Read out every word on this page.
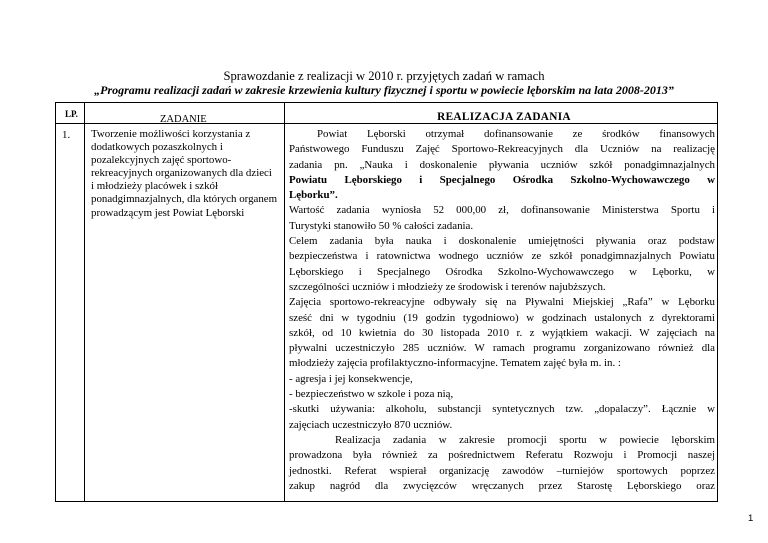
Sprawozdanie z realizacji w 2010 r. przyjętych zadań w ramach
„Programu realizacji zadań w zakresie krzewienia kultury fizycznej i sportu w powiecie lęborskim na lata 2008-2013”
LP.	ZADANIE	REALIZACJA ZADANIA
1. Tworzenie możliwości korzystania z
dodatkowych pozaszkolnych i
pozalekcyjnych zajęć sportowo-
rekreacyjnych organizowanych dla dzieci
i młodzieży placówek i szkół
ponadgimnazjalnych, dla których organem
prowadzącym jest Powiat Lęborski

Powiat Lęborski otrzymał dofinansowanie ze środków finansowych

Państwowego Funduszu Zajęć Sportowo-Rekreacyjnych dla Uczniów na realizację

zadania pn. „Nauka i doskonalenie pływania uczniów szkół ponadgimnazjalnych

Powiatu Lęborskiego i Specjalnego Ośrodka Szkolno-Wychowawczego w

Lęborku”.

Wartość zadania wyniosła 52 000,00 zł, dofinansowanie Ministerstwa Sportu i

Turystyki stanowiło 50 % całości zadania.

Celem zadania była nauka i doskonalenie umiejętności pływania oraz podstaw

bezpieczeństwa i ratownictwa wodnego uczniów ze szkół ponadgimnazjalnych Powiatu

Lęborskiego i Specjalnego Ośrodka Szkolno-Wychowawczego w Lęborku, w

szczególności uczniów i młodzieży ze środowisk i terenów najubższych.

Zajęcia sportowo-rekreacyjne odbywały się na Pływalni Miejskiej „Rafa” w Lęborku

sześć dni w tygodniu (19 godzin tygodniowo) w godzinach ustalonych z dyrektorami

szkół, od 10 kwietnia do 30 listopada 2010 r. z wyjątkiem wakacji. W zajęciach na

pływalni uczestniczyło 285 uczniów. W ramach programu zorganizowano również dla

młodzieży zajęcia profilaktyczno-informacyjne. Tematem zajęć była m. in. :

- agresja i jej konsekwencje,

- bezpieczeństwo w szkole i poza nią,

-skutki używania: alkoholu, substancji syntetycznych tzw. „dopalaczy”. Łącznie w

zajęciach uczestniczyło 870 uczniów.

Realizacja zadania w zakresie promocji sportu w powiecie lęborskim

prowadzona była również za pośrednictwem Referatu Rozwoju i Promocji naszej

jednostki. Referat wspierał organizację zawodów –turniejów sportowych poprzez

zakup nagród dla zwycięzców wręczanych przez Starostę Lęborskiego oraz

1
